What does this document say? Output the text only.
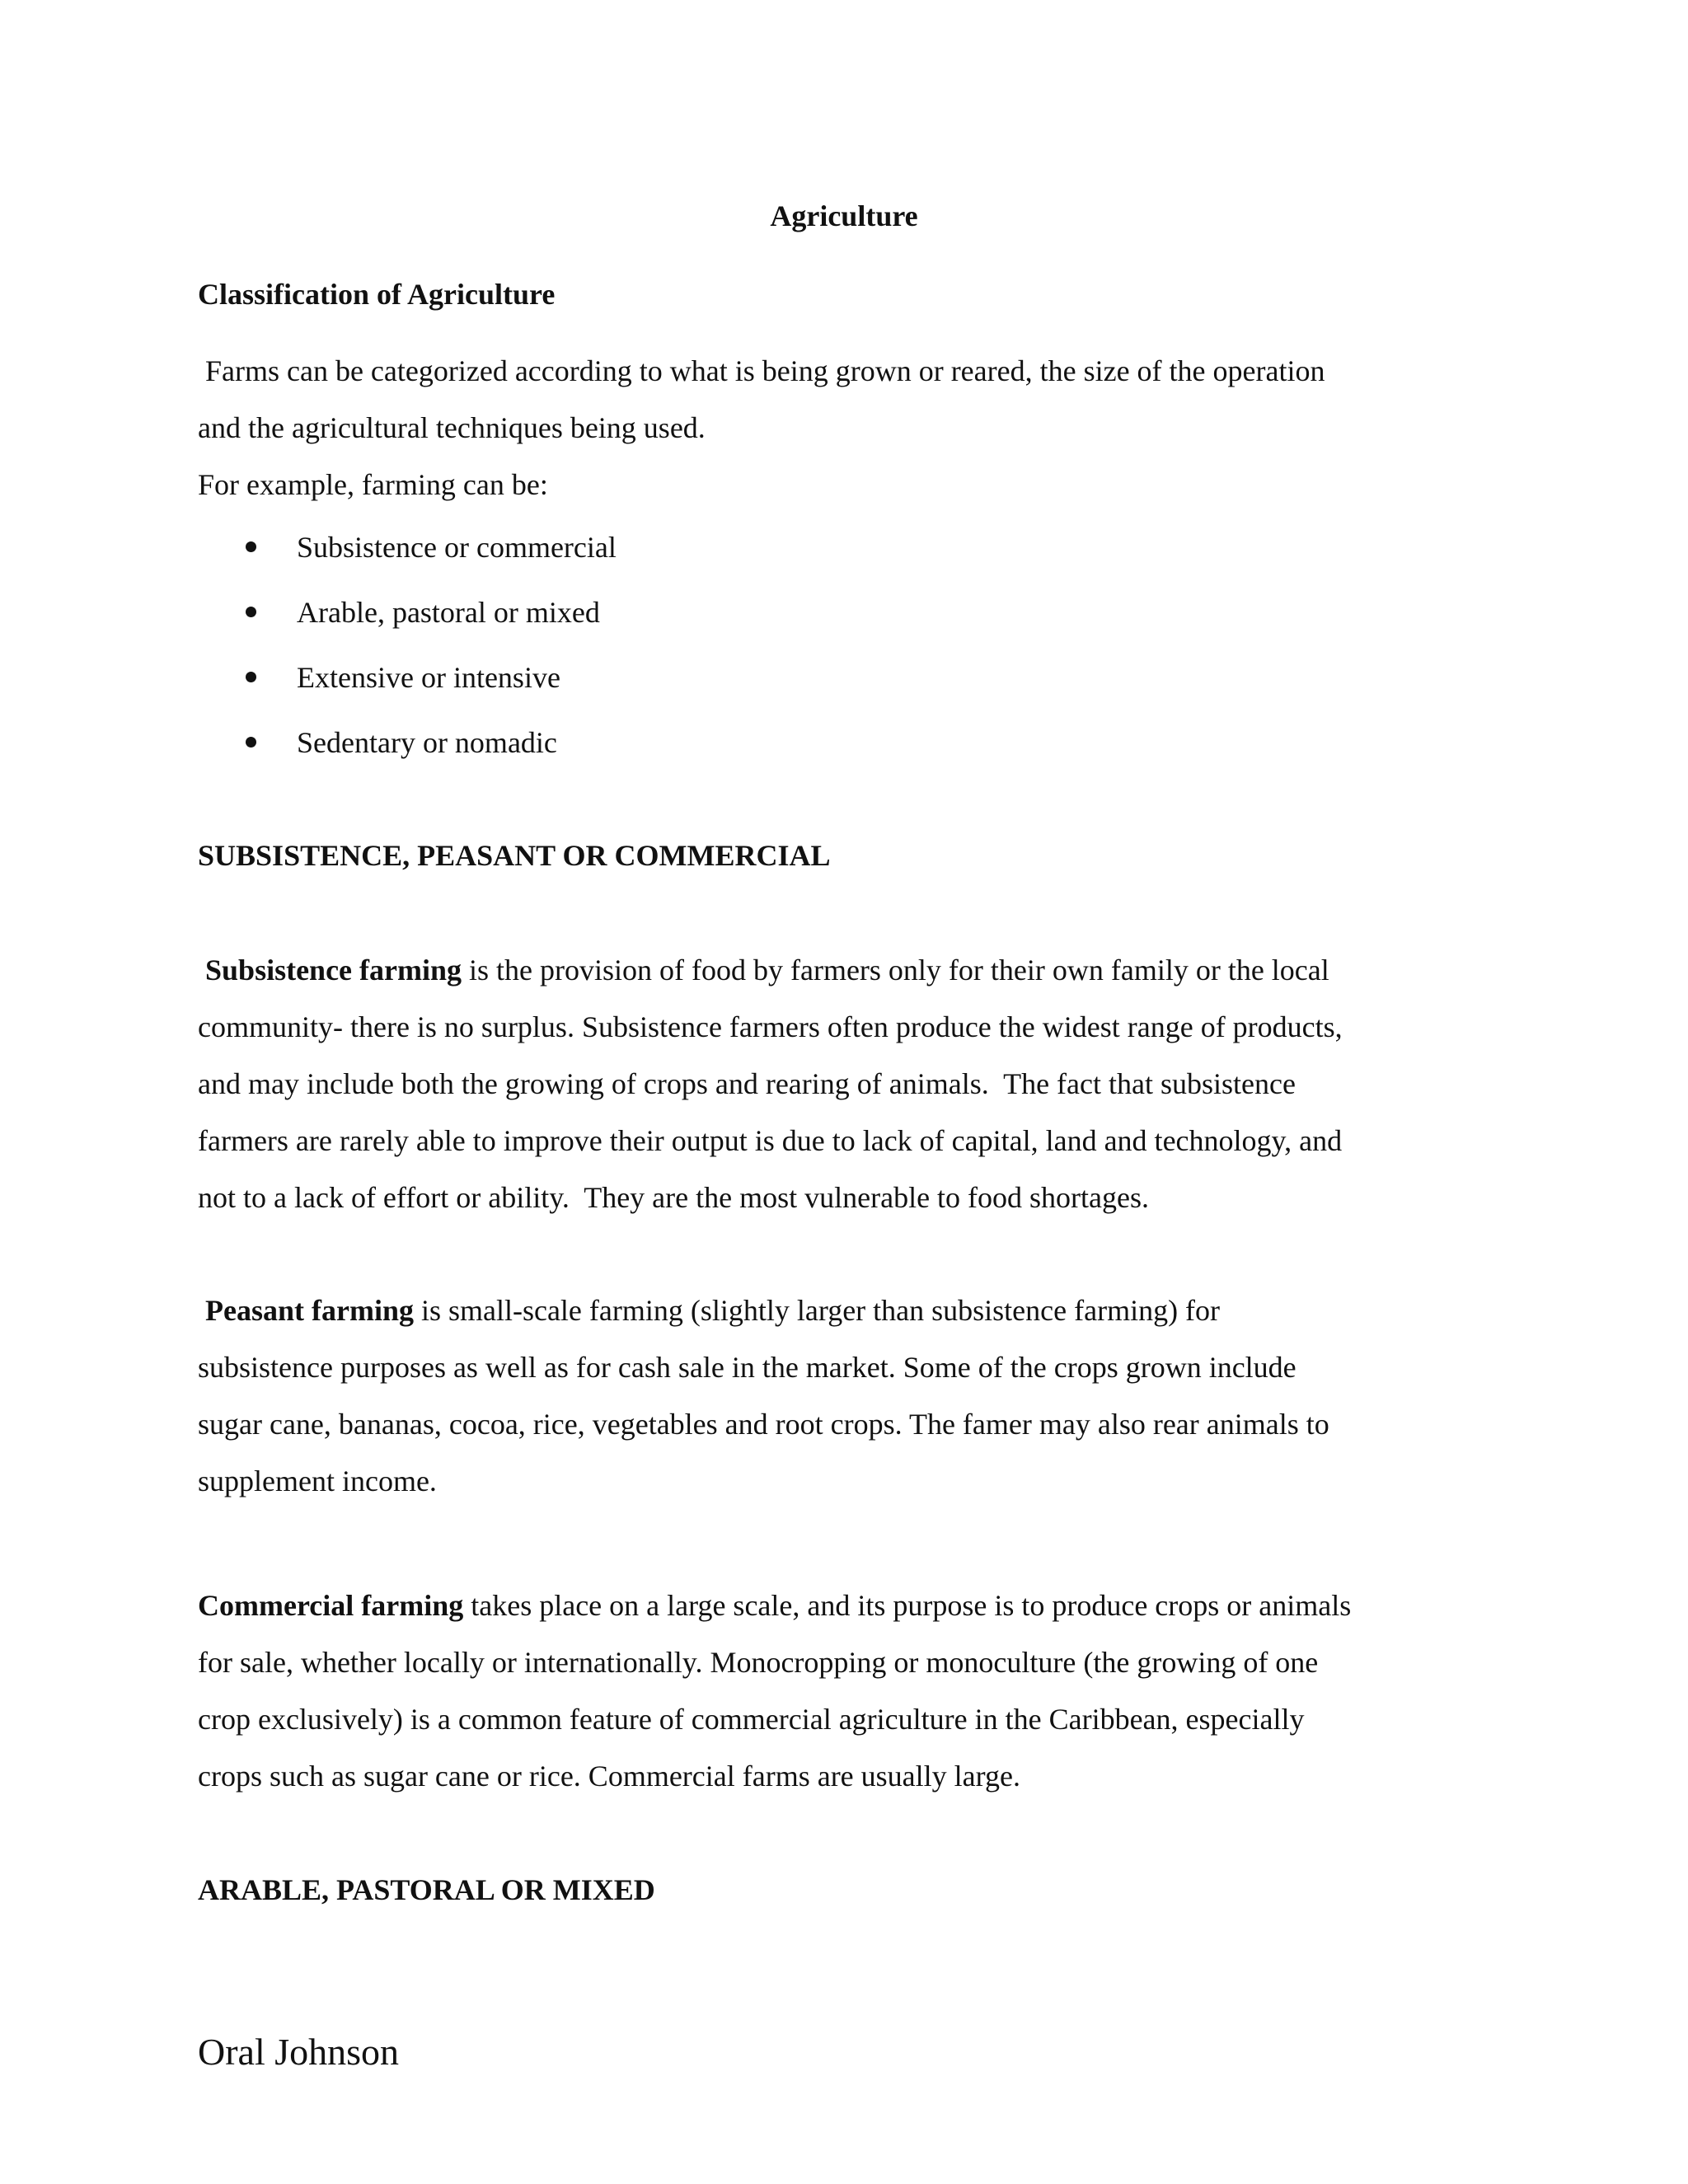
Agriculture
Classification of Agriculture

Farms can be categorized according to what is being grown or reared, the size of the operation

and the agricultural techniques being used.

For example, farming can be:

Subsistence or commercial
Arable, pastoral or mixed
Extensive or intensive
Sedentary or nomadic
SUBSISTENCE, PEASANT OR COMMERCIAL

Subsistence farming is the provision of food by farmers only for their own family or the local

community- there is no surplus. Subsistence farmers often produce the widest range of products,

and may include both the growing of crops and rearing of animals.  The fact that subsistence

farmers are rarely able to improve their output is due to lack of capital, land and technology, and

not to a lack of effort or ability.  They are the most vulnerable to food shortages.

Peasant farming is small-scale farming (slightly larger than subsistence farming) for

subsistence purposes as well as for cash sale in the market. Some of the crops grown include

sugar cane, bananas, cocoa, rice, vegetables and root crops. The famer may also rear animals to

supplement income.

Commercial farming takes place on a large scale, and its purpose is to produce crops or animals

for sale, whether locally or internationally. Monocropping or monoculture (the growing of one

crop exclusively) is a common feature of commercial agriculture in the Caribbean, especially

crops such as sugar cane or rice. Commercial farms are usually large.

ARABLE, PASTORAL OR MIXED
Oral Johnson
